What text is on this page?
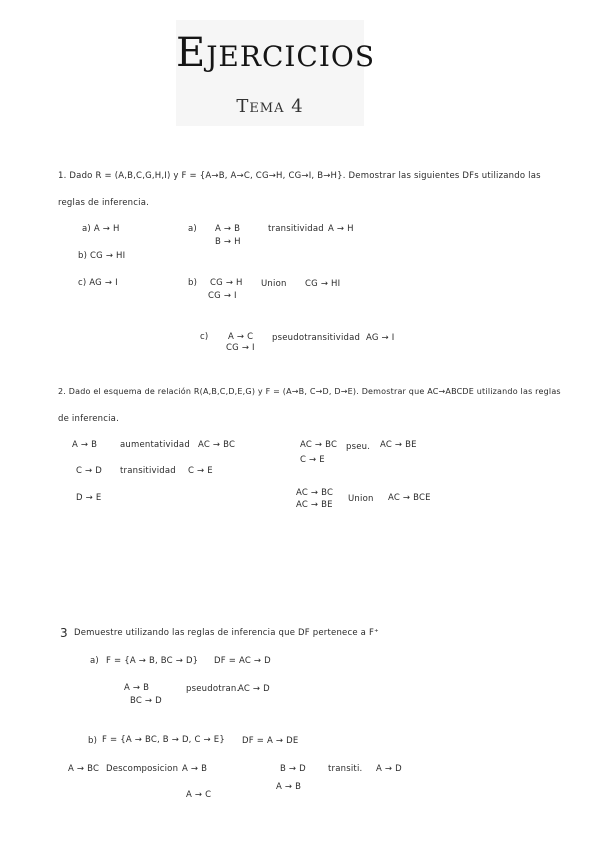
Ejercicios
Tema 4
1. Dado R = (A,B,C,G,H,I) y F = {A→B, A→C, CG→H, CG→I, B→H}. Demostrar las siguientes DFs utilizando las
reglas de inferencia.
a) A → H
b) CG → HI
c) AG → I
a) A → B
B → H
transitividad A → H
b) CG → H
CG → I
Union CG → HI
c) A → C
CG → I
pseudotransitividad AG → I
2. Dado el esquema de relación R(A,B,C,D,E,G) y F = (A→B, C→D, D→E). Demostrar que AC→ABCDE utilizando las reglas
de inferencia.
A → B	aumentatividad AC → BC
C → D transitividad C → E
D → E
AC → BC
C → E
pseu. AC → BE
AC → BC
AC → BE
Union AC → BCE
3 Demuestre utilizando las reglas de inferencia que DF pertenece a F⁺
a) F = {A → B, BC → D} DF = AC → D
A → B
BC → D
pseudotran.
AC → D
b) F = {A → BC, B → D, C → E} DF = A → DE
A → BC Descomposicion A → B
A → C
B → D
A → B
transiti. A → D
